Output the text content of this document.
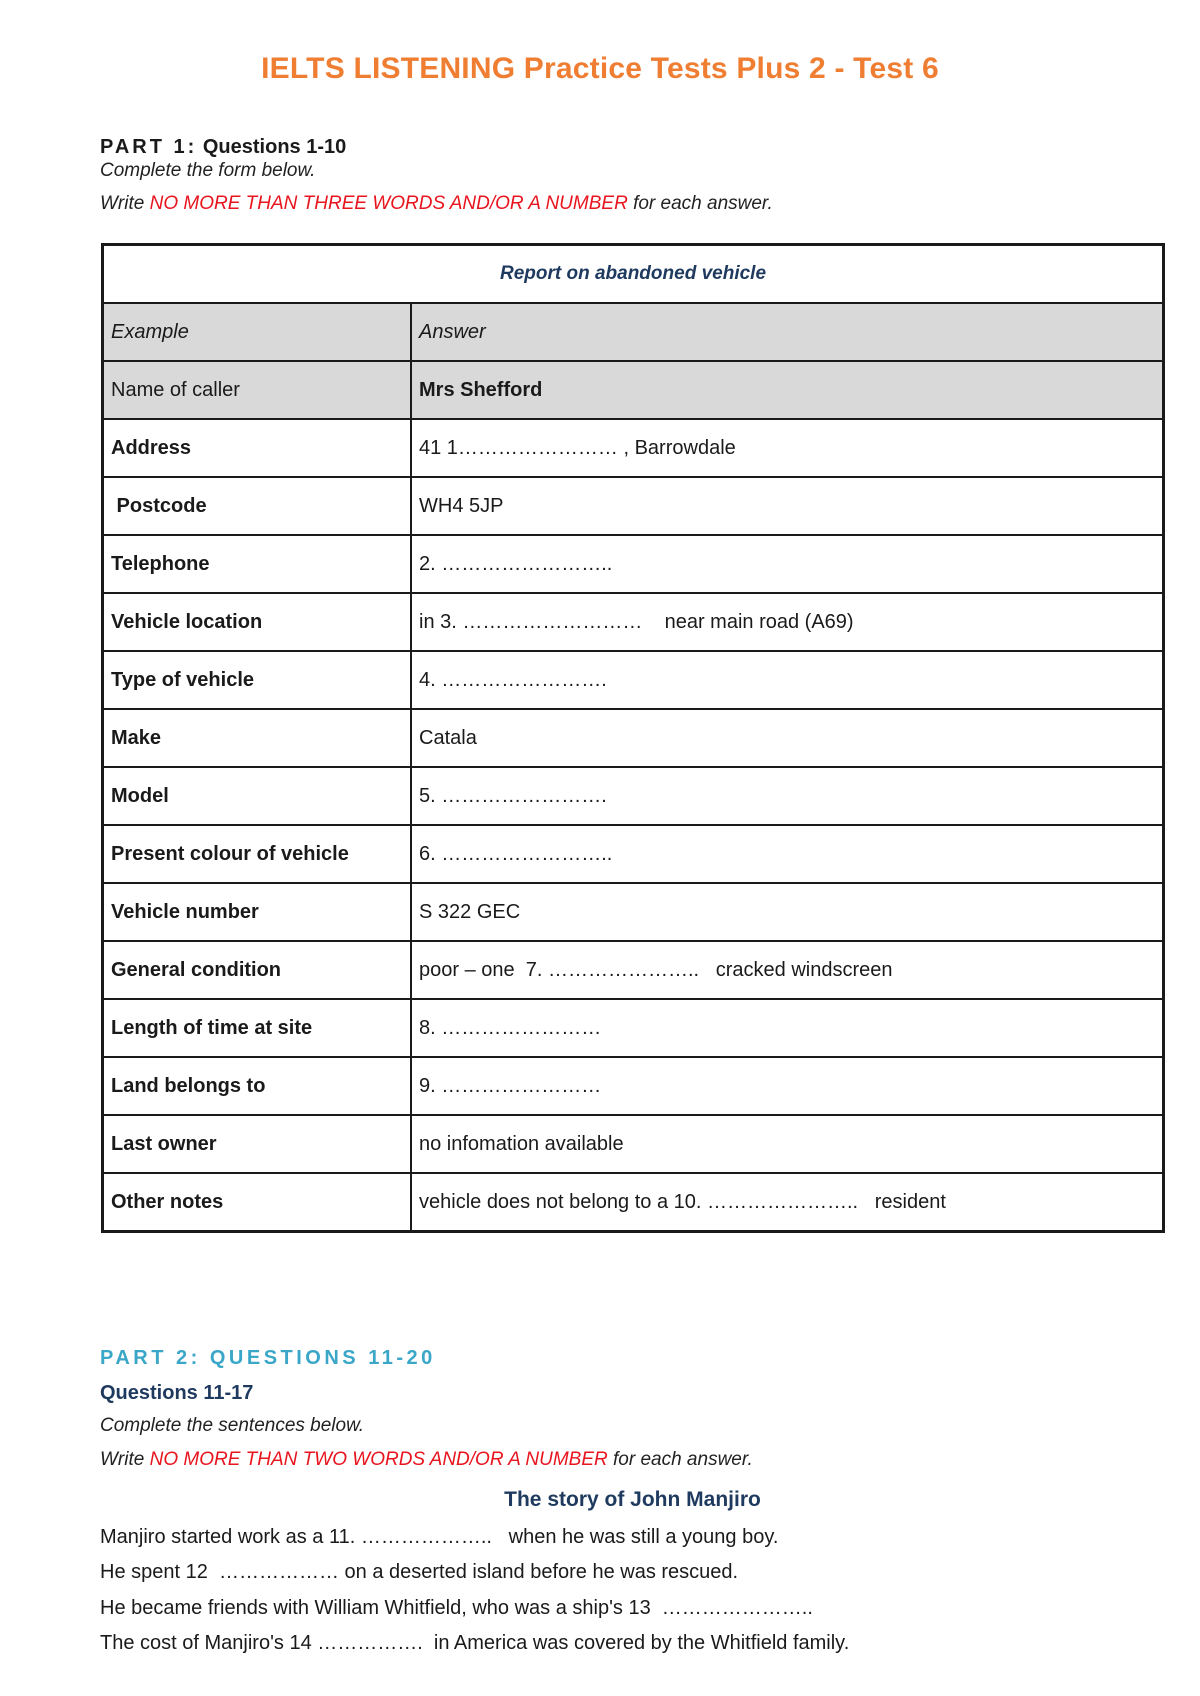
IELTS LISTENING Practice Tests Plus 2 - Test 6
PART 1: Questions 1-10
Complete the form below.
Write NO MORE THAN THREE WORDS AND/OR A NUMBER for each answer.
Report on abandoned vehicle	
Example	Answer
Name of caller	Mrs Shefford
Address	41 1…………………… , Barrowdale
Postcode	WH4 5JP
Telephone	2. ……………………..
Vehicle location	in 3. ………………………    near main road (A69)
Type of vehicle	4. …………………….
Make	Catala
Model	5. …………………….
Present colour of vehicle	6. ……………………..
Vehicle number	S 322 GEC
General condition	poor – one  7. …………………..   cracked windscreen
Length of time at site	8. ……………………
Land belongs to	9. ……………………
Last owner	no infomation available
Other notes	vehicle does not belong to a 10. …………………..   resident
PART 2: QUESTIONS 11-20
Questions 11-17
Complete the sentences below.
Write NO MORE THAN TWO WORDS AND/OR A NUMBER for each answer.
The story of John Manjiro
Manjiro started work as a 11. ………………..   when he was still a young boy.
He spent 12  ……………… on a deserted island before he was rescued.
He became friends with William Whitfield, who was a ship's 13  …………………..
The cost of Manjiro's 14 …………….  in America was covered by the Whitfield family.
